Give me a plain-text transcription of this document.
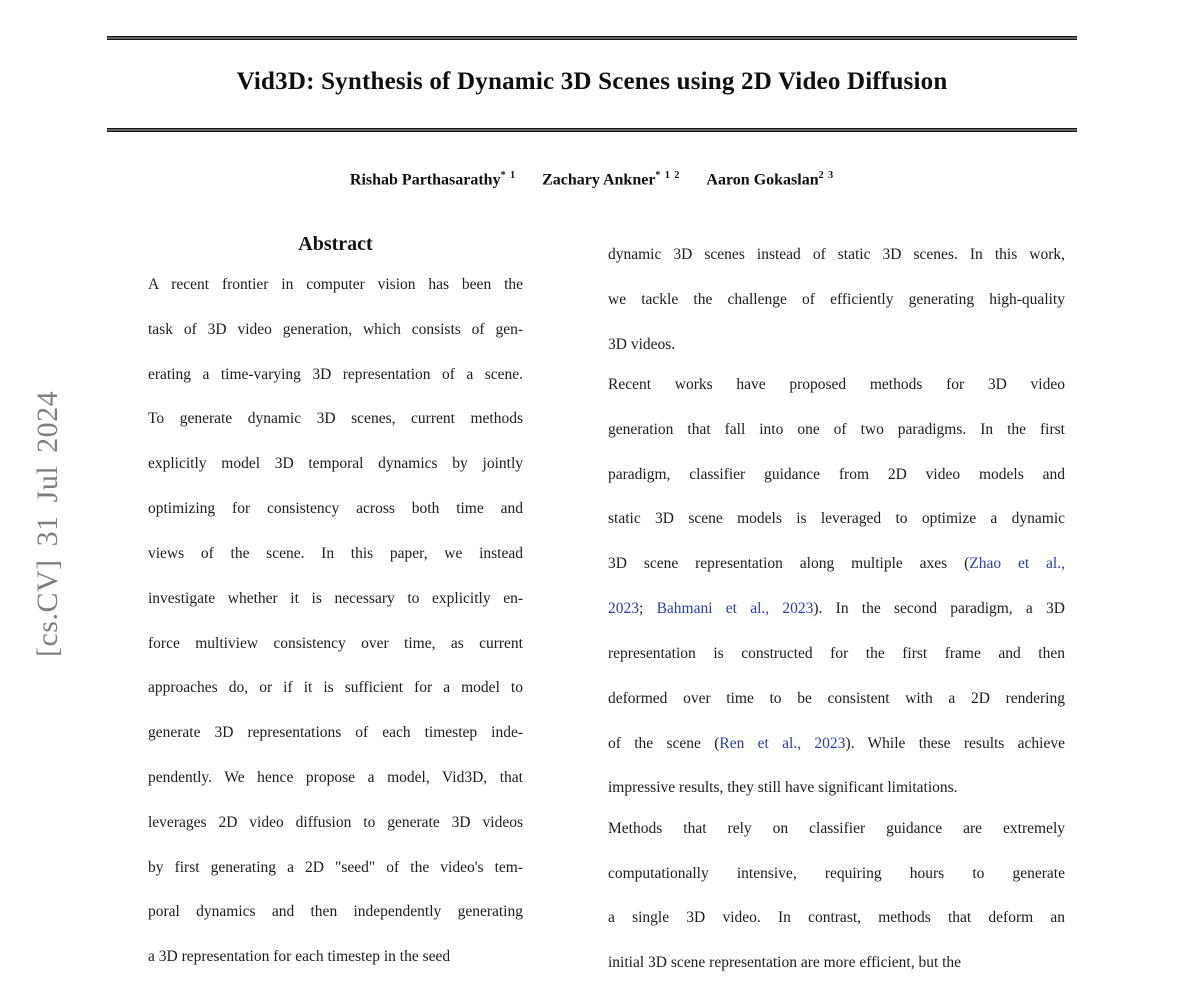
Vid3D: Synthesis of Dynamic 3D Scenes using 2D Video Diffusion
Rishab Parthasarathy$^{* 1}$ Zachary Ankner$^{* 1 2}$ Aaron Gokaslan$^{2 3}$
Abstract
A recent frontier in computer vision has been the
task of 3D video generation, which consists of gen-
erating a time-varying 3D representation of a scene.
To generate dynamic 3D scenes, current methods
explicitly model 3D temporal dynamics by jointly
optimizing for consistency across both time and
views of the scene. In this paper, we instead
investigate whether it is necessary to explicitly en-
force multiview consistency over time, as current
approaches do, or if it is sufficient for a model to
generate 3D representations of each timestep inde-
pendently. We hence propose a model, Vid3D, that
leverages 2D video diffusion to generate 3D videos
by first generating a 2D "seed" of the video's tem-
poral dynamics and then independently generating
a 3D representation for each timestep in the seed
dynamic 3D scenes instead of static 3D scenes. In this work,
we tackle the challenge of efficiently generating high-quality
3D videos.
Recent works have proposed methods for 3D video
generation that fall into one of two paradigms. In the first
paradigm, classifier guidance from 2D video models and
static 3D scene models is leveraged to optimize a dynamic
3D scene representation along multiple axes (Zhao et al.,
2023; Bahmani et al., 2023). In the second paradigm, a 3D
representation is constructed for the first frame and then
deformed over time to be consistent with a 2D rendering
of the scene (Ren et al., 2023). While these results achieve
impressive results, they still have significant limitations.
Methods that rely on classifier guidance are extremely
computationally intensive, requiring hours to generate
a single 3D video. In contrast, methods that deform an
initial 3D scene representation are more efficient, but the
[cs.CV] 31 Jul 2024
